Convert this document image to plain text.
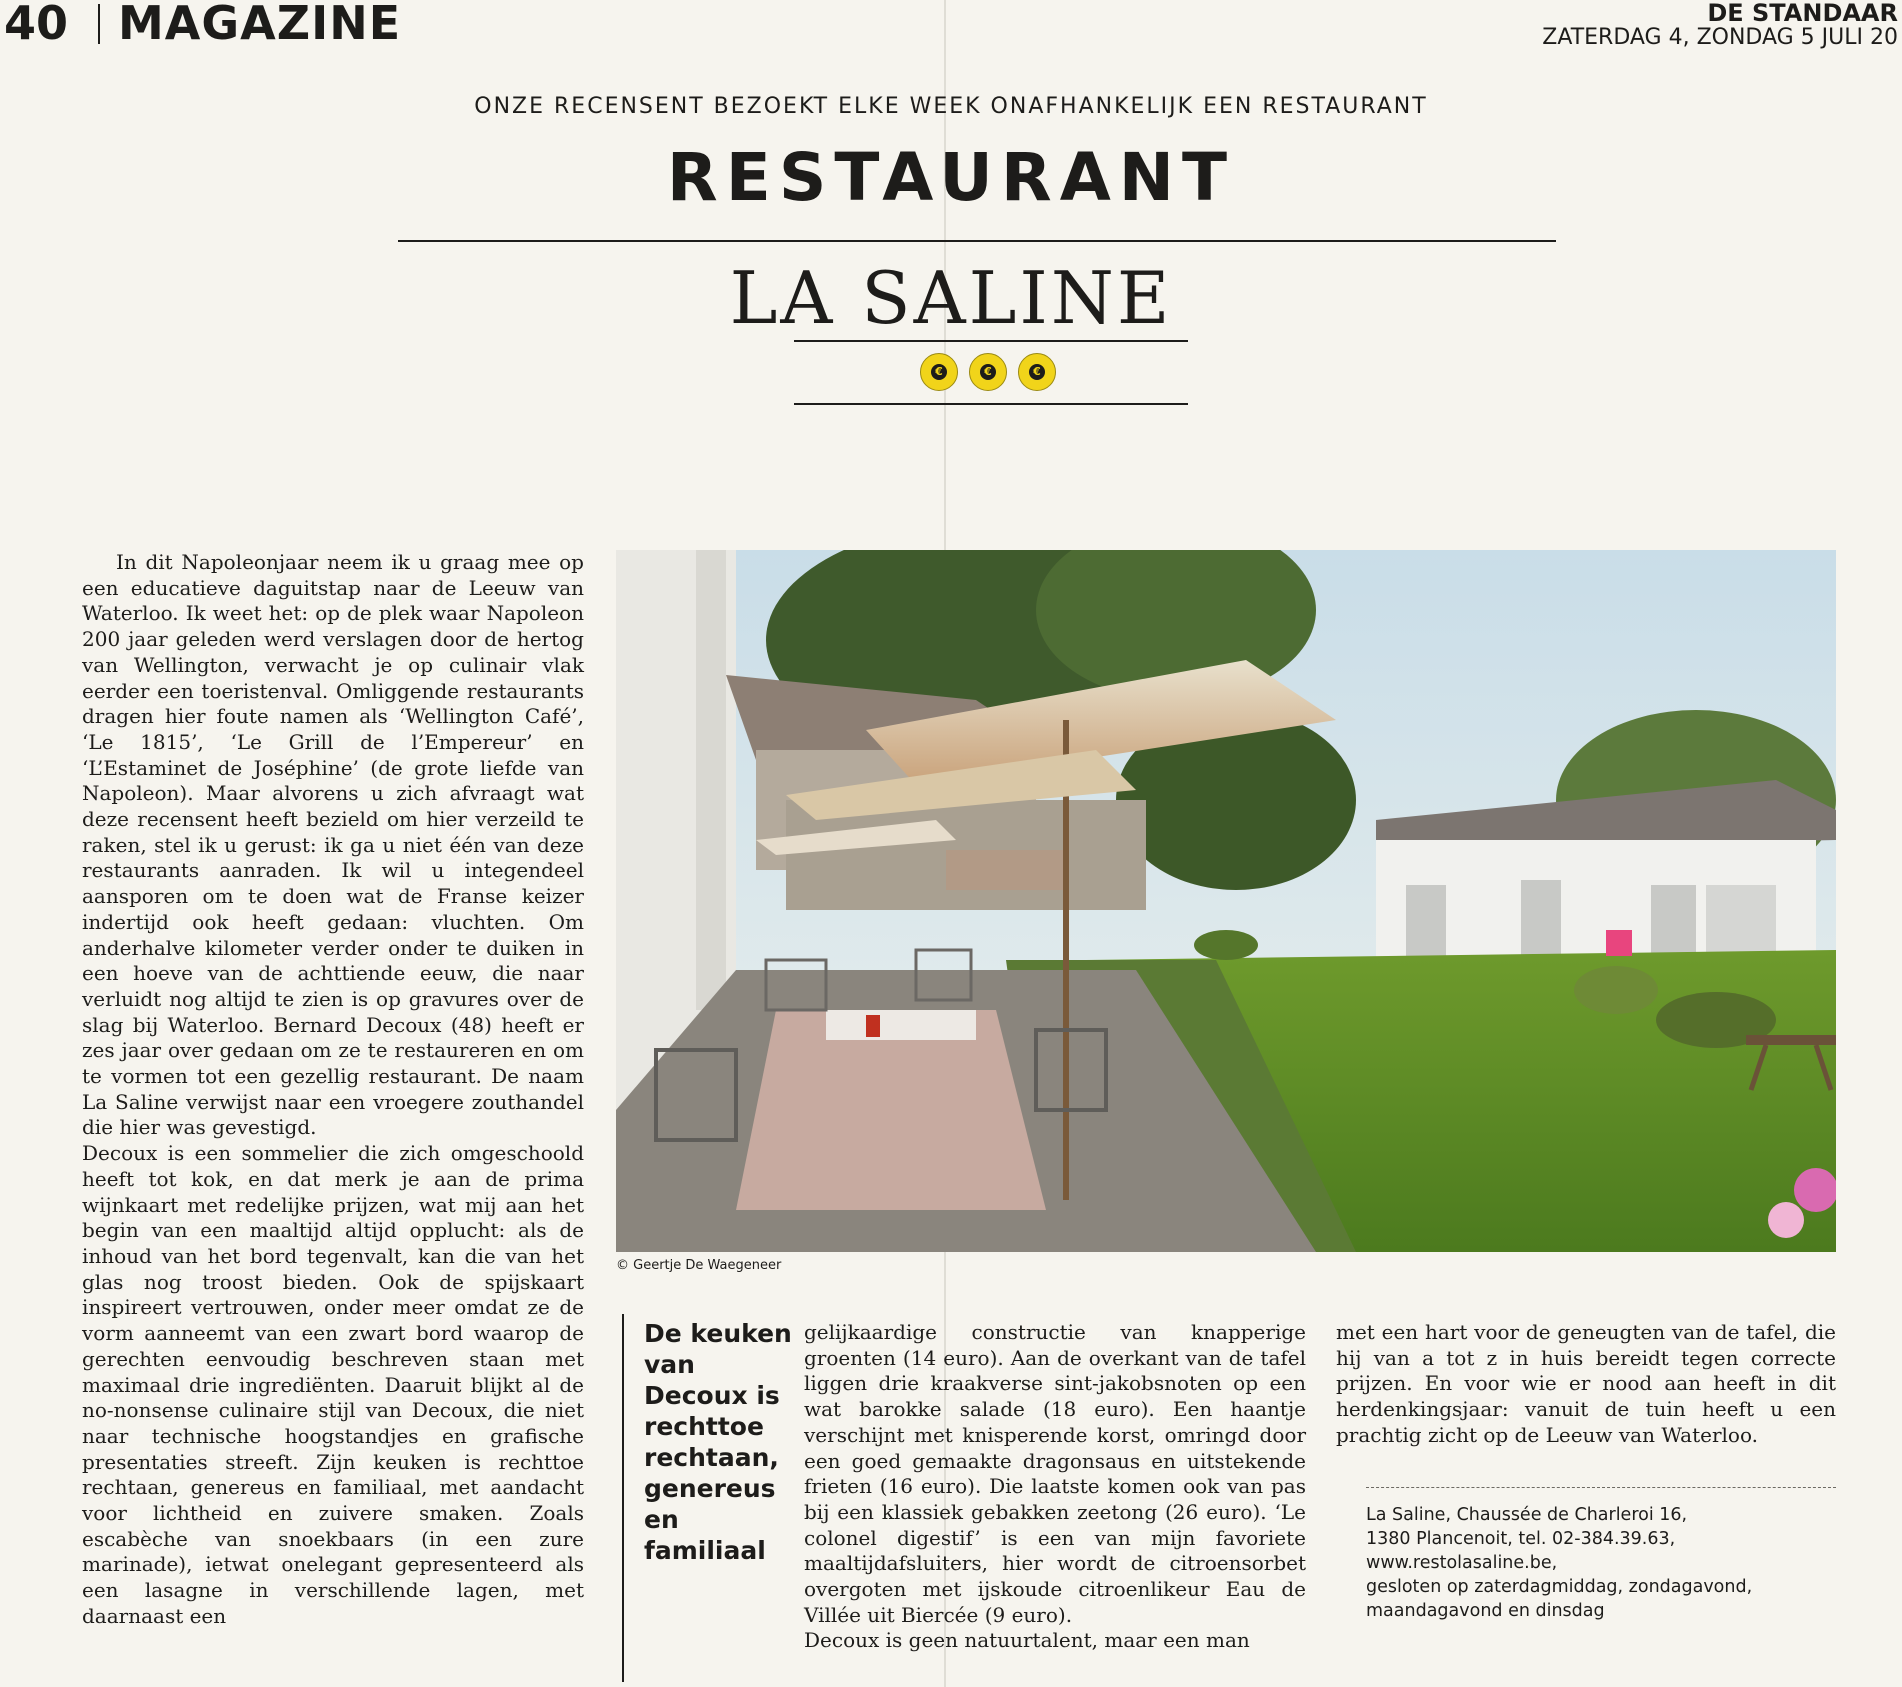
40 MAGAZINE	DE STANDAAR
ZATERDAG 4, ZONDAG 5 JULI 20
ONZE RECENSENT BEZOEKT ELKE WEEK ONAFHANKELIJK EEN RESTAURANT
RESTAURANT
LA SALINE
€	€	€

In dit Napoleonjaar neem ik u graag mee op een educatieve daguitstap naar de Leeuw van Waterloo. Ik weet het: op de plek waar Napoleon 200 jaar geleden werd verslagen door de hertog van Wellington, verwacht je op culinair vlak eerder een toeristenval. Omliggende restaurants dragen hier foute namen als ‘Wellington Café’, ‘Le 1815’, ‘Le Grill de l’Empereur’ en ‘L’Estaminet de Joséphine’ (de grote liefde van Napoleon). Maar alvorens u zich afvraagt wat deze recensent heeft bezield om hier verzeild te raken, stel ik u gerust: ik ga u niet één van deze restaurants aanraden. Ik wil u integendeel aansporen om te doen wat de Franse keizer indertijd ook heeft gedaan: vluchten. Om anderhalve kilometer verder onder te duiken in een hoeve van de achttiende eeuw, die naar verluidt nog altijd te zien is op gravures over de slag bij Waterloo. Bernard Decoux (48) heeft er zes jaar over gedaan om ze te restaureren en om te vormen tot een gezellig restaurant. De naam La Saline verwijst naar een vroegere zouthandel die hier was gevestigd.

Decoux is een sommelier die zich omgeschoold heeft tot kok, en dat merk je aan de prima wijnkaart met redelijke prijzen, wat mij aan het begin van een maaltijd altijd opplucht: als de inhoud van het bord tegenvalt, kan die van het glas nog troost bieden. Ook de spijskaart inspireert vertrouwen, onder meer omdat ze de vorm aanneemt van een zwart bord waarop de gerechten eenvoudig beschreven staan met maximaal drie ingrediënten. Daaruit blijkt al de no-nonsense culinaire stijl van Decoux, die niet naar technische hoogstandjes en grafische presentaties streeft. Zijn keuken is rechttoe rechtaan, genereus en familiaal, met aandacht voor lichtheid en zuivere smaken. Zoals escabèche van snoekbaars (in een zure marinade), ietwat onelegant gepresenteerd als een lasagne in verschillende lagen, met daarnaast een

© Geertje De Waegeneer
De keuken van Decoux is rechttoe rechtaan, genereus en familiaal

gelijkaardige constructie van knapperige groenten (14 euro). Aan de overkant van de tafel liggen drie kraakverse sint-jakobsnoten op een wat barokke salade (18 euro). Een haantje verschijnt met knisperende korst, omringd door een goed gemaakte dragonsaus en uitstekende frieten (16 euro). Die laatste komen ook van pas bij een klassiek gebakken zeetong (26 euro). ‘Le colonel digestif’ is een van mijn favoriete maaltijdafsluiters, hier wordt de citroensorbet overgoten met ijskoude citroenlikeur Eau de Villée uit Biercée (9 euro).

Decoux is geen natuurtalent, maar een man

met een hart voor de geneugten van de tafel, die hij van a tot z in huis bereidt tegen correcte prijzen. En voor wie er nood aan heeft in dit herdenkingsjaar: vanuit de tuin heeft u een prachtig zicht op de Leeuw van Waterloo.

La Saline, Chaussée de Charleroi 16,
1380 Plancenoit, tel. 02-384.39.63,
www.restolasaline.be,
gesloten op zaterdagmiddag, zondagavond,
maandagavond en dinsdag
